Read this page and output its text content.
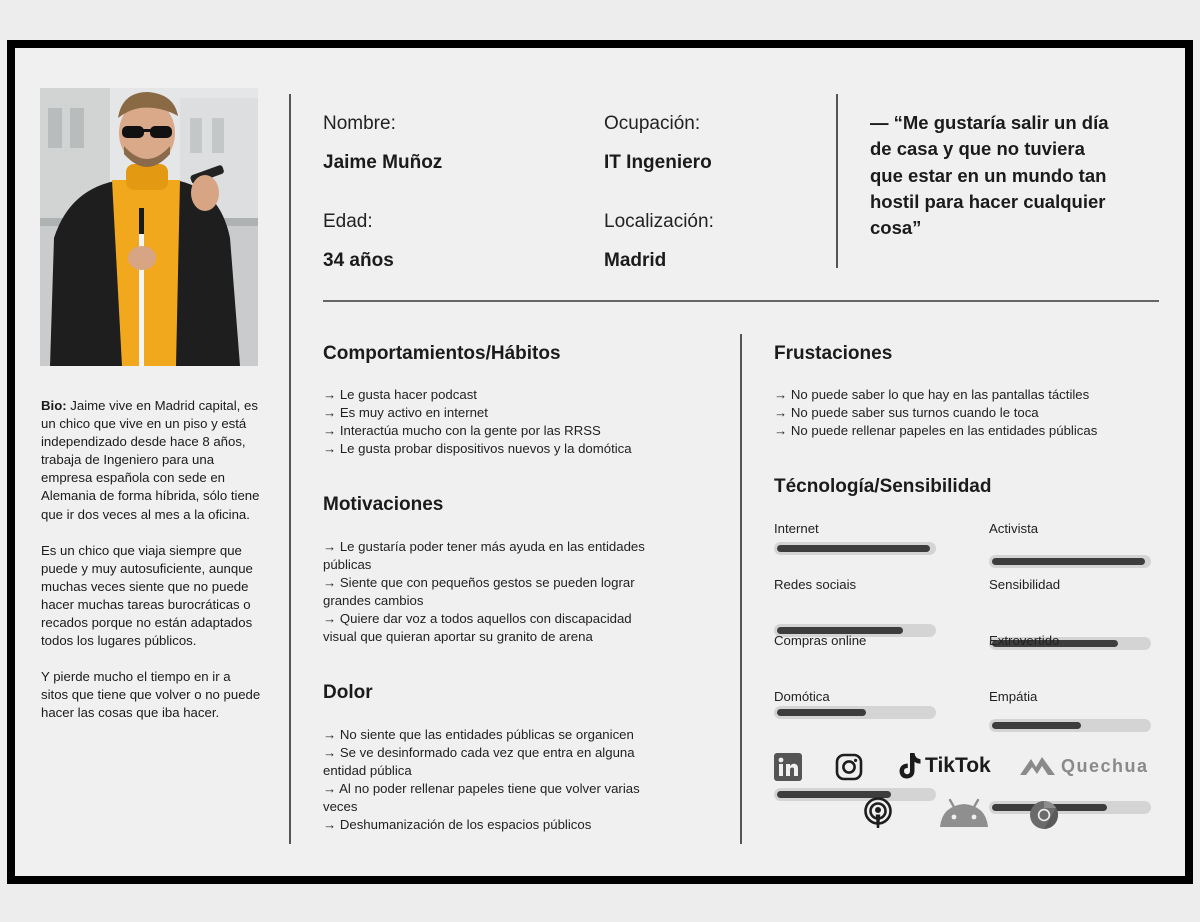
Bio: Jaime vive en Madrid capital, es un chico que vive en un piso y está independizado desde hace 8 años, trabaja de Ingeniero para una empresa española con sede en Alemania de forma híbrida, sólo tiene que ir dos veces al mes a la oficina.

Es un chico que viaja siempre que puede y muy autosuficiente, aunque muchas veces siente que no puede hacer muchas tareas burocráticas o recados porque no están adaptados todos los lugares públicos.

Y pierde mucho el tiempo en ir a sitos que tiene que volver o no puede hacer las cosas que iba hacer.

Nombre:
Jaime Muñoz
Ocupación:
IT Ingeniero
Edad:
34 años
Localización:
Madrid
— “Me gustaría salir un día de casa y que no tuviera que estar en un mundo tan hostil para hacer cualquier cosa”
Comportamientos/Hábitos
→ Le gusta hacer podcast
→ Es muy activo en internet
→ Interactúa mucho con la gente por las RRSS
→ Le gusta probar dispositivos nuevos y la domótica
Motivaciones
→ Le gustaría poder tener más ayuda en las entidades públicas
→ Siente que con pequeños gestos se pueden lograr grandes cambios
→ Quiere dar voz a todos aquellos con discapacidad visual que quieran aportar su granito de arena
Dolor
→ No siente que las entidades públicas se organicen
→ Se ve desinformado cada vez que entra en alguna entidad pública
→ Al no poder rellenar papeles tiene que volver varias veces
→ Deshumanización de los espacios públicos
Frustaciones
→ No puede saber lo que hay en las pantallas táctiles
→ No puede saber sus turnos cuando le toca
→ No puede rellenar papeles en las entidades públicas
Técnología/Sensibilidad
Internet	Activista
Redes sociais	Sensibilidad
Compras online	Extrovertido
Domótica	Empátia
TikTok	Quechua
